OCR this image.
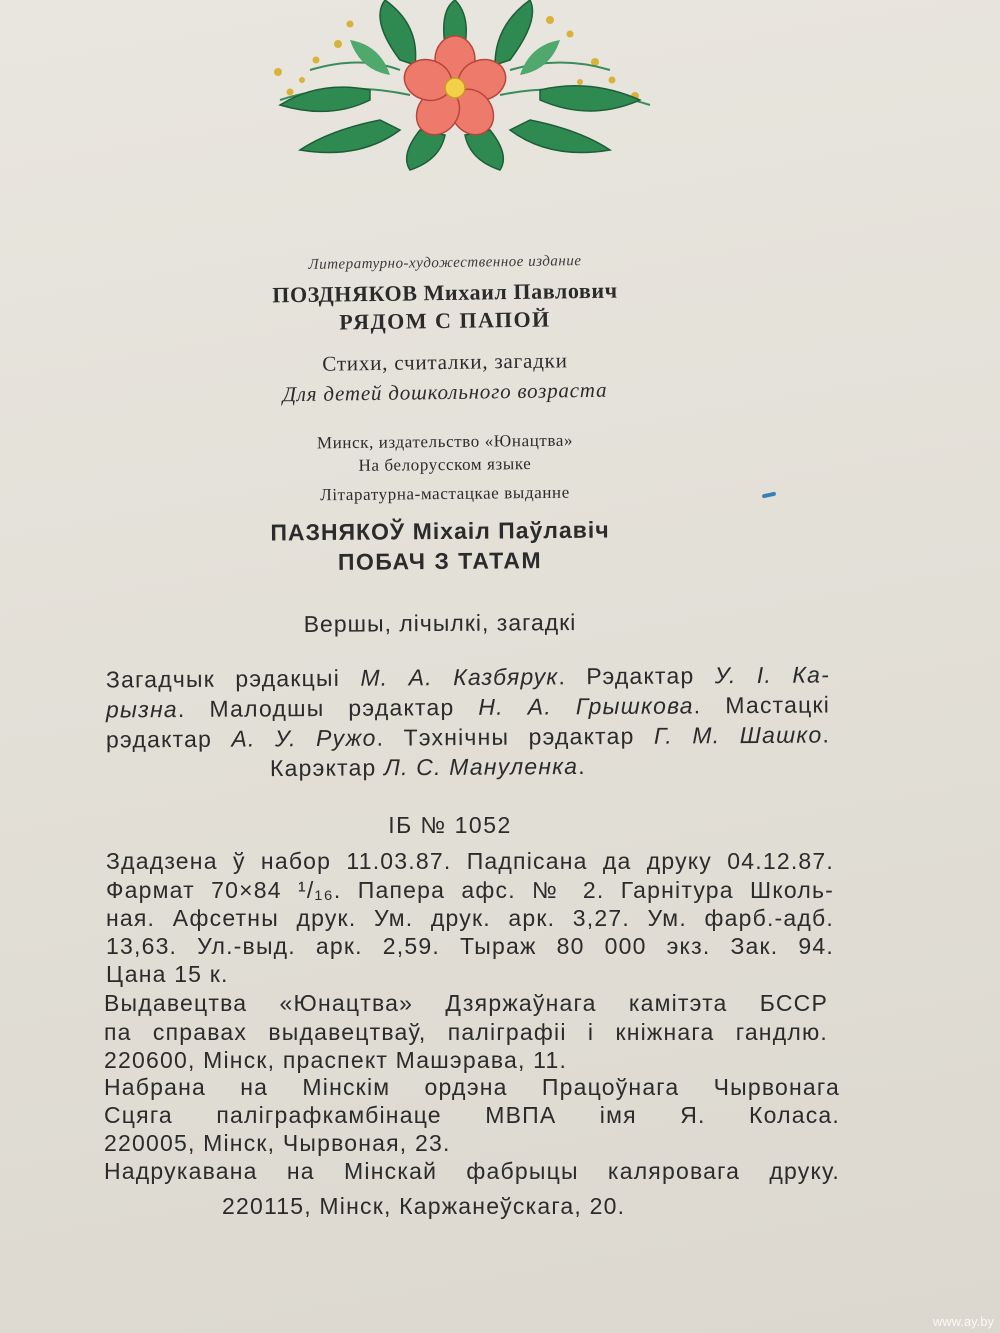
Литературно-художественное издание

ПОЗДНЯКОВ Михаил Павлович

РЯДОМ С ПАПОЙ

Стихи, считалки, загадки

Для детей дошкольного возраста

Минск, издательство «Юнацтва»

На белорусском языке

Літаратурна-мастацкае выданне

ПАЗНЯКОЎ Міхаіл Паўлавіч

ПОБАЧ З ТАТАМ

Вершы, лічылкі, загадкі

Загадчык рэдакцыі М. А. Казбярук. Рэдактар У. І. Ка-

рызна. Малодшы рэдактар Н. А. Грышкова. Мастацкі

рэдактар А. У. Ружо. Тэхнічны рэдактар Г. М. Шашко.

Карэктар Л. С. Мануленка.

ІБ № 1052

Здадзена ў набор 11.03.87. Падпісана да друку 04.12.87.

Фармат 70×84 ¹/₁₆. Папера афс. № 2. Гарнітура Школь-

ная. Афсетны друк. Ум. друк. арк. 3,27. Ум. фарб.-адб.

13,63. Ул.-выд. арк. 2,59. Тыраж 80 000 экз. Зак. 94.

Цана 15 к.

Выдавецтва «Юнацтва» Дзяржаўнага камітэта БССР

па справах выдавецтваў, паліграфіі і кніжнага гандлю.

220600, Мінск, праспект Машэрава, 11.

Набрана на Мінскім ордэна Працоўнага Чырвонага

Сцяга паліграфкамбінаце МВПА імя Я. Коласа.

220005, Мінск, Чырвоная, 23.

Надрукавана на Мінскай фабрыцы каляровага друку.

220115, Мінск, Каржанеўскага, 20.

www.ay.by
